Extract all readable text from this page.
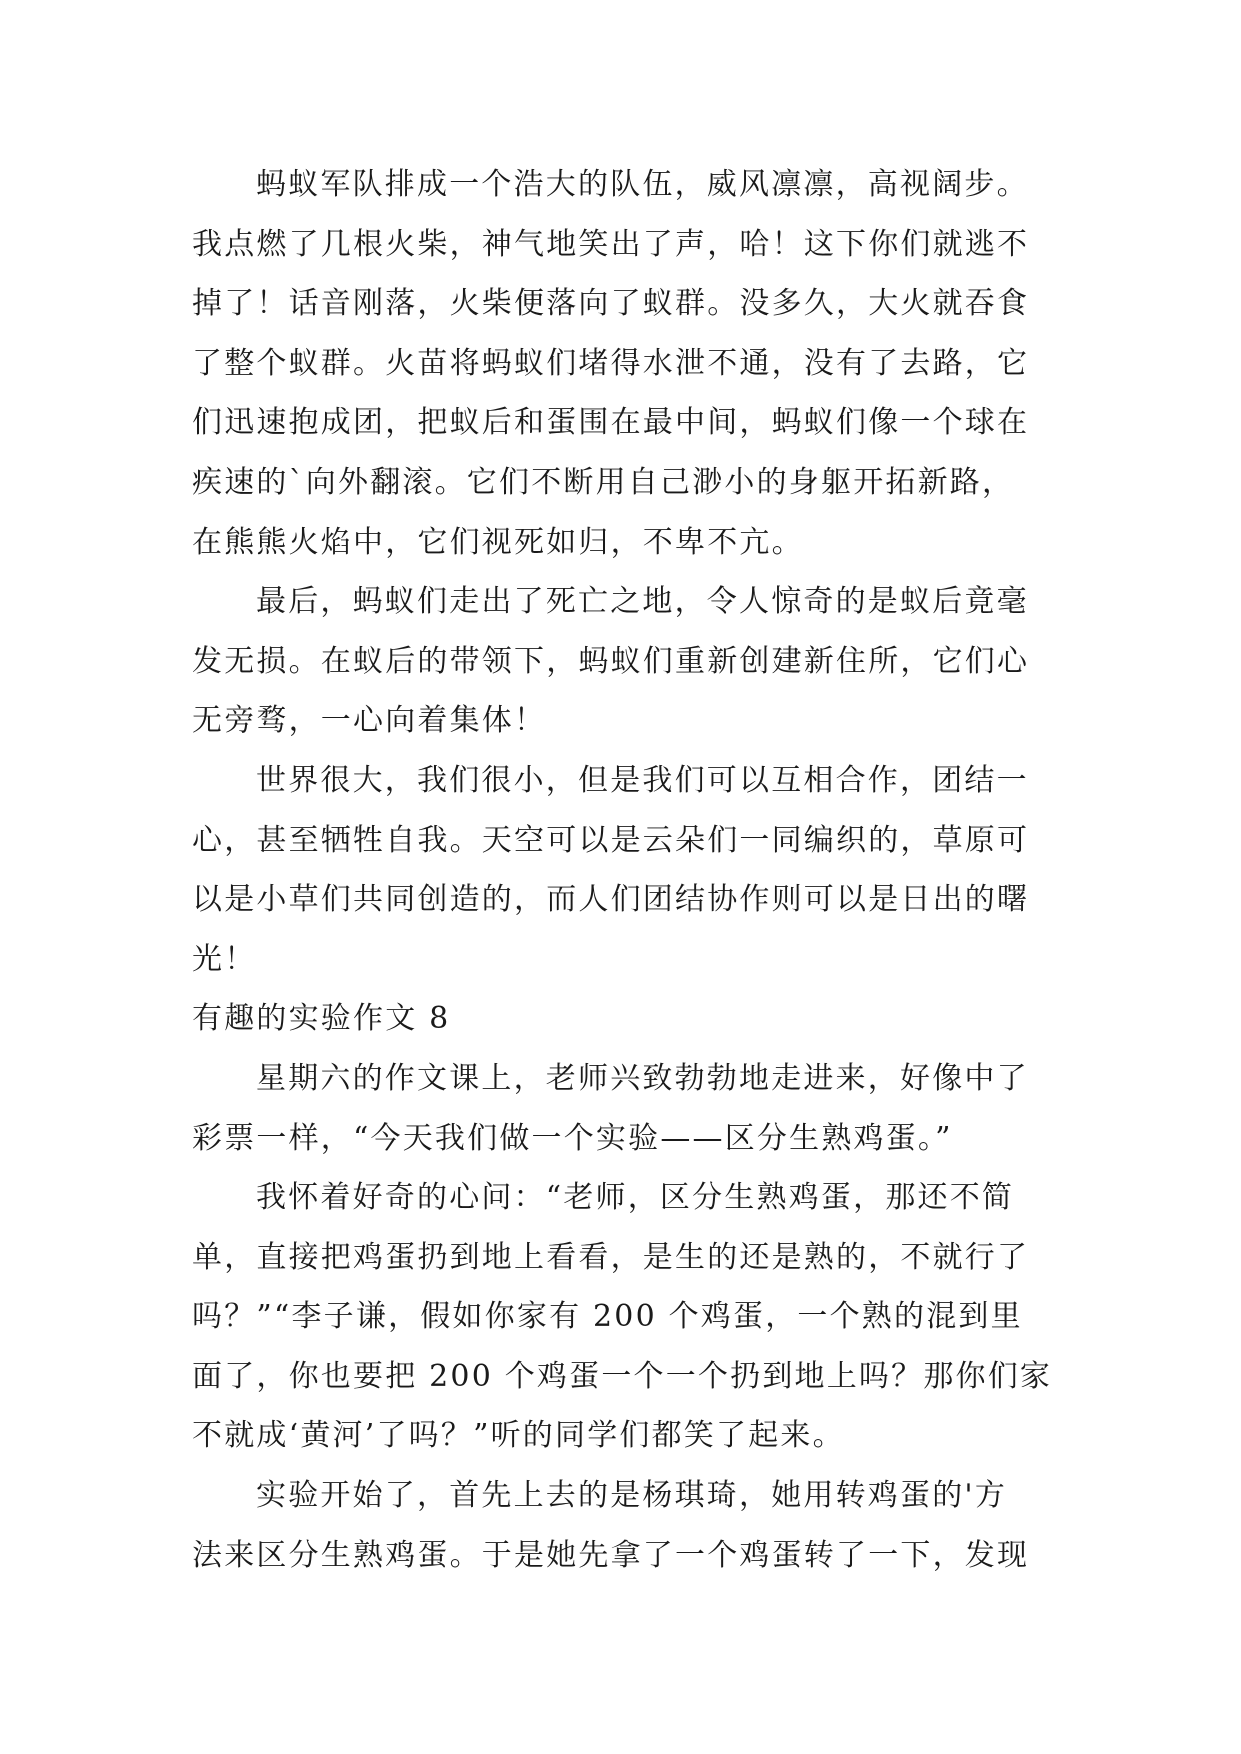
蚂蚁军队排成一个浩大的队伍，威风凛凛，高视阔步。
我点燃了几根火柴，神气地笑出了声，哈！这下你们就逃不
掉了！话音刚落，火柴便落向了蚁群。没多久，大火就吞食
了整个蚁群。火苗将蚂蚁们堵得水泄不通，没有了去路，它
们迅速抱成团，把蚁后和蛋围在最中间，蚂蚁们像一个球在
疾速的`向外翻滚。它们不断用自己渺小的身躯开拓新路，
在熊熊火焰中，它们视死如归，不卑不亢。
最后，蚂蚁们走出了死亡之地，令人惊奇的是蚁后竟毫
发无损。在蚁后的带领下，蚂蚁们重新创建新住所，它们心
无旁骛，一心向着集体！
世界很大，我们很小，但是我们可以互相合作，团结一
心，甚至牺牲自我。天空可以是云朵们一同编织的，草原可
以是小草们共同创造的，而人们团结协作则可以是日出的曙
光！
有趣的实验作文 8
星期六的作文课上，老师兴致勃勃地走进来，好像中了
彩票一样，“今天我们做一个实验——区分生熟鸡蛋。”
我怀着好奇的心问：“老师，区分生熟鸡蛋，那还不简
单，直接把鸡蛋扔到地上看看，是生的还是熟的，不就行了
吗？”“李子谦，假如你家有 200 个鸡蛋，一个熟的混到里
面了，你也要把 200 个鸡蛋一个一个扔到地上吗？那你们家
不就成‘黄河’了吗？”听的同学们都笑了起来。
实验开始了，首先上去的是杨琪琦，她用转鸡蛋的'方
法来区分生熟鸡蛋。于是她先拿了一个鸡蛋转了一下，发现
